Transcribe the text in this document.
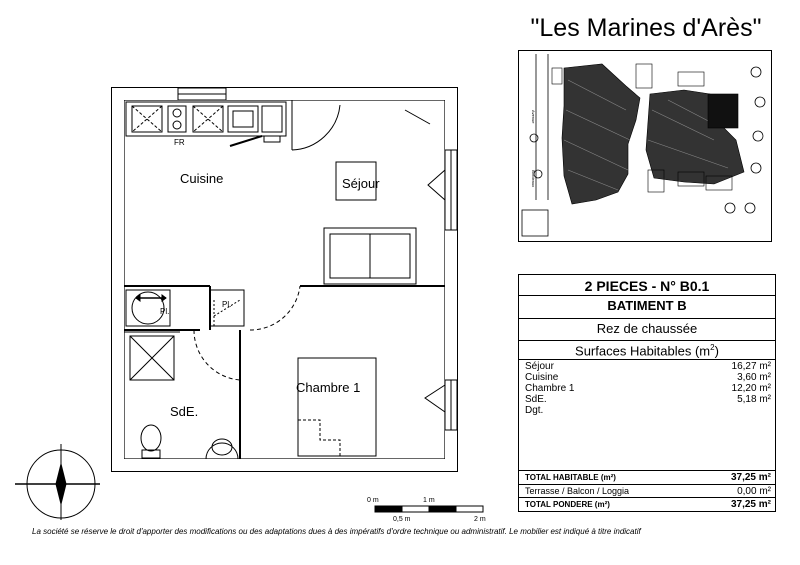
"Les Marines d'Arès"
Cuisine	Séjour
Chambre 1
SdE.
FR
Pl.
Pl.
0 m	1 m
0,5 m	2 m
Avenue
Bordeaux
2 PIECES - N° B0.1
BATIMENT B
Rez de chaussée
Surfaces Habitables $(m^2)$
Séjour	16,27 m²
Cuisine	3,60 m²
Chambre 1	12,20 m²
SdE.	5,18 m²
Dgt.
TOTAL HABITABLE (m²)	37,25 m²
Terrasse / Balcon / Loggia	0,00 m²
TOTAL PONDERE (m²)	37,25 m²
La société se réserve le droit d'apporter des modifications ou des adaptations dues à des impératifs d'ordre technique ou administratif. Le mobilier est indiqué à titre indicatif
